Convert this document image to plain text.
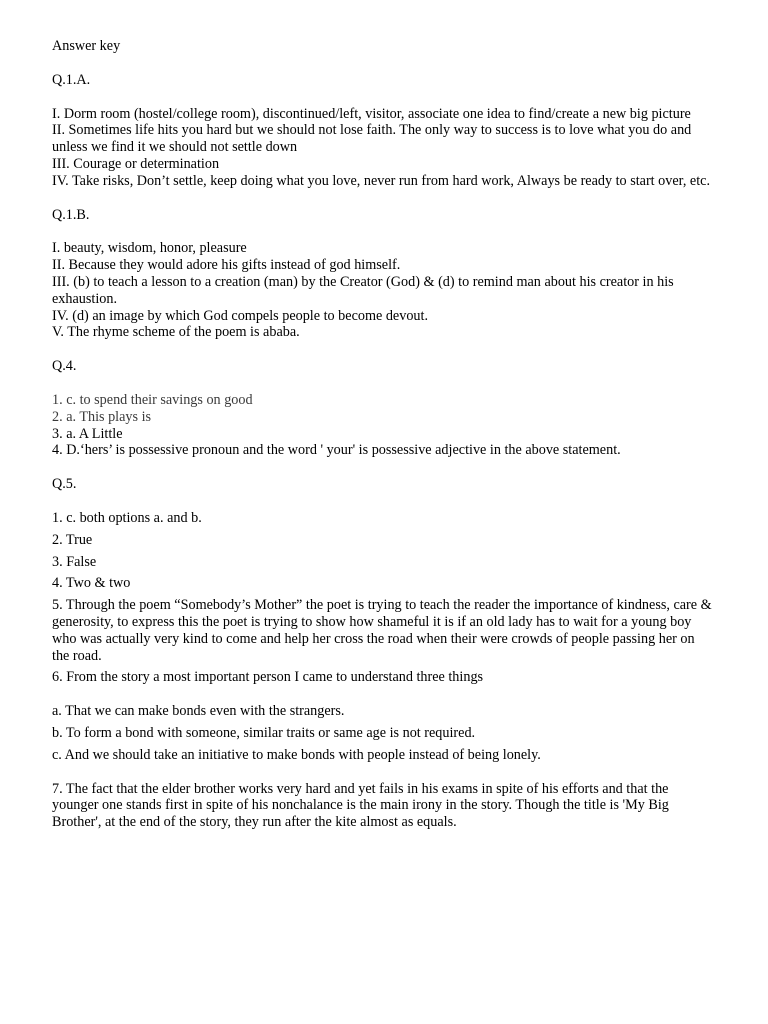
Answer key
Q.1.A.
I. Dorm room (hostel/college room), discontinued/left, visitor, associate one idea to find/create a new big picture
II. Sometimes life hits you hard but we should not lose faith. The only way to success is to love what you do and unless we find it we should not settle down
III. Courage or determination
IV. Take risks, Don’t settle, keep doing what you love, never run from hard work, Always be ready to start over, etc.
Q.1.B.
I. beauty, wisdom, honor, pleasure
II. Because they would adore his gifts instead of god himself.
III. (b) to teach a lesson to a creation (man) by the Creator (God) & (d) to remind man about his creator in his exhaustion.
IV. (d) an image by which God compels people to become devout.
V. The rhyme scheme of the poem is ababa.
Q.4.
1. c. to spend their savings on good
2. a. This plays is
3. a. A Little
4. D.‘hers’ is possessive pronoun and the word ' your' is possessive adjective in the above statement.
Q.5.
1. c. both options a. and b.
2. True
3. False
4. Two & two
5. Through the poem “Somebody’s Mother” the poet is trying to teach the reader the importance of kindness, care & generosity, to express this the poet is trying to show how shameful it is if an old lady has to wait for a young boy who was actually very kind to come and help her cross the road when their were crowds of people passing her on the road.
6. From the story a most important person I came to understand three things
a. That we can make bonds even with the strangers.
b. To form a bond with someone, similar traits or same age is not required.
c. And we should take an initiative to make bonds with people instead of being lonely.
7. The fact that the elder brother works very hard and yet fails in his exams in spite of his efforts and that the younger one stands first in spite of his nonchalance is the main irony in the story. Though the title is 'My Big Brother', at the end of the story, they run after the kite almost as equals.
